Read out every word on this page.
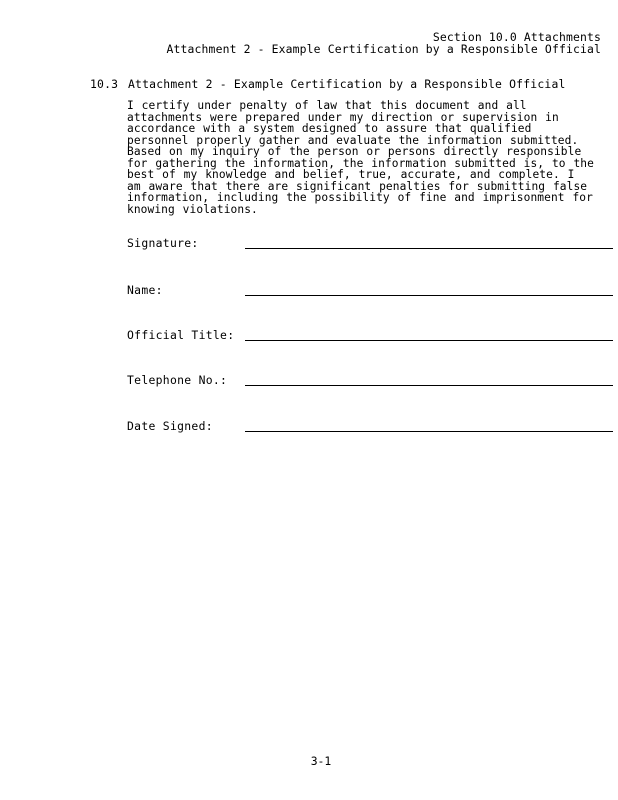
Section 10.0 Attachments
Attachment 2 - Example Certification by a Responsible Official
10.3 Attachment 2 - Example Certification by a Responsible Official
I certify under penalty of law that this document and all attachments were prepared under my direction or supervision in accordance with a system designed to assure that qualified personnel properly gather and evaluate the information submitted. Based on my inquiry of the person or persons directly responsible for gathering the information, the information submitted is, to the best of my knowledge and belief, true, accurate, and complete. I am aware that there are significant penalties for submitting false information, including the possibility of fine and imprisonment for knowing violations.
Signature:
Name:
Official Title:
Telephone No.:
Date Signed:
3-1
